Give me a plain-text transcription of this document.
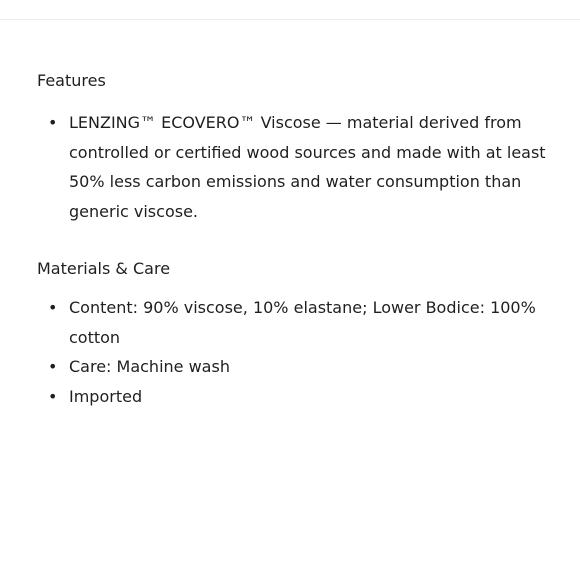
Features
• LENZING™ ECOVERO™ Viscose — material derived from controlled or certified wood sources and made with at least 50% less carbon emissions and water consumption than generic viscose.
Materials & Care
• Content: 90% viscose, 10% elastane; Lower Bodice: 100% cotton
• Care: Machine wash
• Imported
